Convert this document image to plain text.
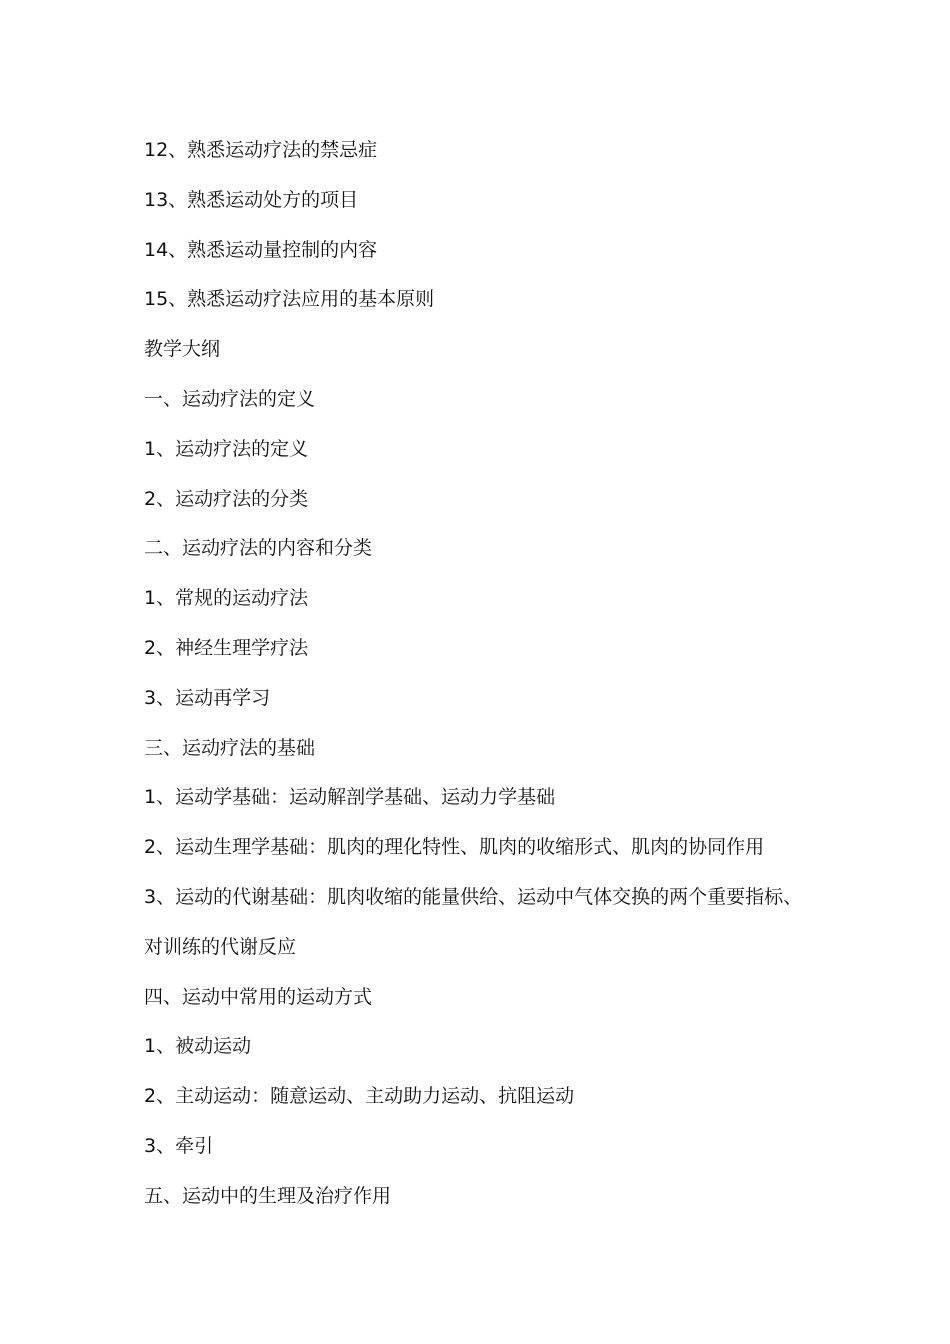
12、熟悉运动疗法的禁忌症
13、熟悉运动处方的项目
14、熟悉运动量控制的内容
15、熟悉运动疗法应用的基本原则
教学大纲
一、运动疗法的定义
1、运动疗法的定义
2、运动疗法的分类
二、运动疗法的内容和分类
1、常规的运动疗法
2、神经生理学疗法
3、运动再学习
三、运动疗法的基础
1、运动学基础：运动解剖学基础、运动力学基础
2、运动生理学基础：肌肉的理化特性、肌肉的收缩形式、肌肉的协同作用
3、运动的代谢基础：肌肉收缩的能量供给、运动中气体交换的两个重要指标、
对训练的代谢反应
四、运动中常用的运动方式
1、被动运动
2、主动运动：随意运动、主动助力运动、抗阻运动
3、牵引
五、运动中的生理及治疗作用
